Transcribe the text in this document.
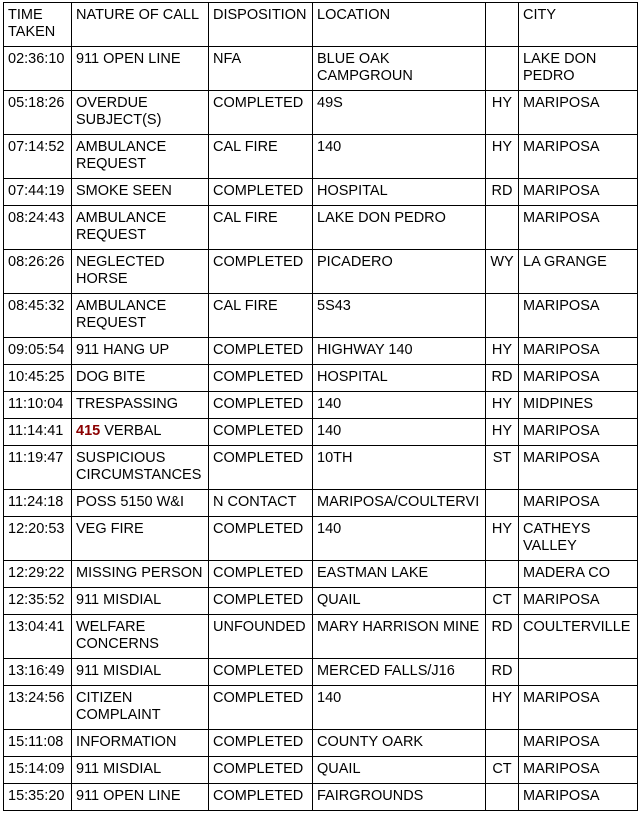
TIME TAKEN	NATURE OF CALL	DISPOSITION	LOCATION		CITY
02:36:10	911 OPEN LINE	NFA	BLUE OAK CAMPGROUN		LAKE DON PEDRO
05:18:26	OVERDUE SUBJECT(S)	COMPLETED	49S	HY	MARIPOSA
07:14:52	AMBULANCE REQUEST	CAL FIRE	140	HY	MARIPOSA
07:44:19	SMOKE SEEN	COMPLETED	HOSPITAL	RD	MARIPOSA
08:24:43	AMBULANCE REQUEST	CAL FIRE	LAKE DON PEDRO		MARIPOSA
08:26:26	NEGLECTED HORSE	COMPLETED	PICADERO	WY	LA GRANGE
08:45:32	AMBULANCE REQUEST	CAL FIRE	5S43		MARIPOSA
09:05:54	911 HANG UP	COMPLETED	HIGHWAY 140	HY	MARIPOSA
10:45:25	DOG BITE	COMPLETED	HOSPITAL	RD	MARIPOSA
11:10:04	TRESPASSING	COMPLETED	140	HY	MIDPINES
11:14:41	415 VERBAL	COMPLETED	140	HY	MARIPOSA
11:19:47	SUSPICIOUS CIRCUMSTANCES	COMPLETED	10TH	ST	MARIPOSA
11:24:18	POSS 5150 W&I	N CONTACT	MARIPOSA/COULTERVI		MARIPOSA
12:20:53	VEG FIRE	COMPLETED	140	HY	CATHEYS VALLEY
12:29:22	MISSING PERSON	COMPLETED	EASTMAN LAKE		MADERA CO
12:35:52	911 MISDIAL	COMPLETED	QUAIL	CT	MARIPOSA
13:04:41	WELFARE CONCERNS	UNFOUNDED	MARY HARRISON MINE	RD	COULTERVILLE
13:16:49	911 MISDIAL	COMPLETED	MERCED FALLS/J16	RD	
13:24:56	CITIZEN COMPLAINT	COMPLETED	140	HY	MARIPOSA
15:11:08	INFORMATION	COMPLETED	COUNTY OARK		MARIPOSA
15:14:09	911 MISDIAL	COMPLETED	QUAIL	CT	MARIPOSA
15:35:20	911 OPEN LINE	COMPLETED	FAIRGROUNDS		MARIPOSA
